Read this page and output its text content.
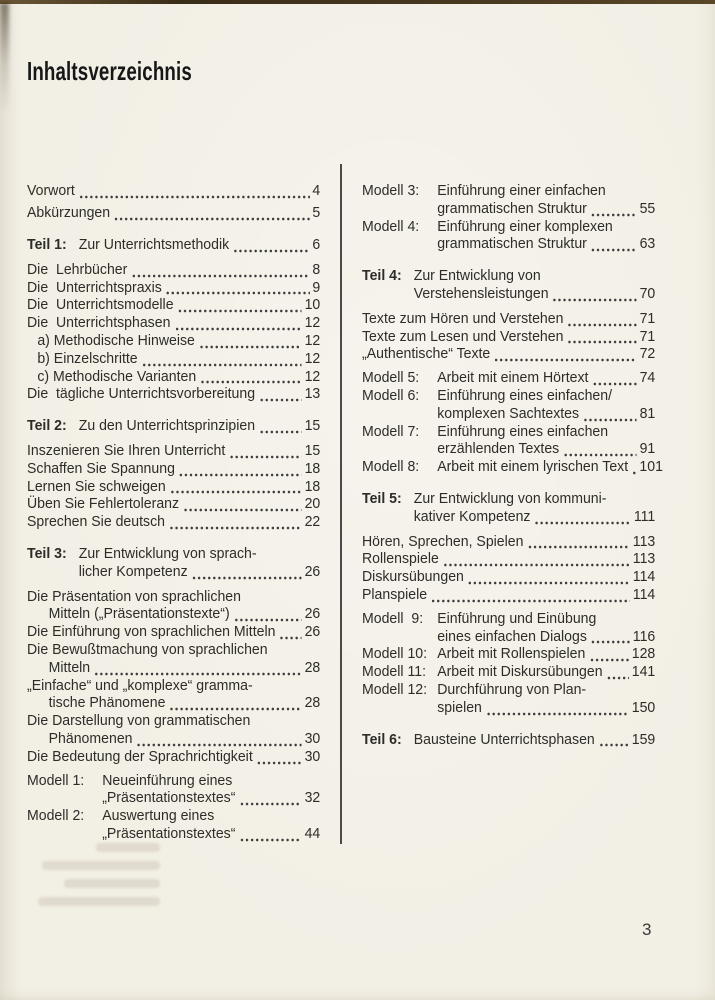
Inhaltsverzeichnis
Vorwort	4
Abkürzungen	5
Teil 1: Zur Unterrichtsmethodik	6
Die  Lehrbücher	8
Die  Unterrichtspraxis	9
Die  Unterrichtsmodelle	10
Die  Unterrichtsphasen	12
a) Methodische Hinweise	12
b) Einzelschritte	12
c) Methodische Varianten	12
Die  tägliche Unterrichtsvorbereitung	13
Teil 2: Zu den Unterrichtsprinzipien	15
Inszenieren Sie Ihren Unterricht	15
Schaffen Sie Spannung	18
Lernen Sie schweigen	18
Üben Sie Fehlertoleranz	20
Sprechen Sie deutsch	22
Teil 3: Zur Entwicklung von sprach-
licher Kompetenz	26
Die Präsentation von sprachlichen
Mitteln („Präsentationstexte“)	26
Die Einführung von sprachlichen Mitteln 26
Die Bewußtmachung von sprachlichen
Mitteln	28
„Einfache“ und „komplexe“ gramma-
tische Phänomene	28
Die Darstellung von grammatischen
Phänomenen	30
Die Bedeutung der Sprachrichtigkeit	30
Modell 1:	Neueinführung eines
„Präsentationstextes“	32
Modell 2:	Auswertung eines
„Präsentationstextes“	44
Modell 3:	Einführung einer einfachen
grammatischen Struktur	55
Modell 4:	Einführung einer komplexen
grammatischen Struktur	63
Teil 4: Zur Entwicklung von
Verstehensleistungen	70
Texte zum Hören und Verstehen	71
Texte zum Lesen und Verstehen	71
„Authentische“ Texte	72
Modell 5:	Arbeit mit einem Hörtext	74
Modell 6:	Einführung eines einfachen/
komplexen Sachtextes	81
Modell 7:	Einführung eines einfachen
erzählenden Textes	91
Modell 8:	Arbeit mit einem lyrischen Text 101
Teil 5: Zur Entwicklung von kommuni-
kativer Kompetenz	111
Hören, Sprechen, Spielen	113
Rollenspiele	113
Diskursübungen	114
Planspiele	114
Modell  9: Einführung und Einübung
eines einfachen Dialogs	116
Modell 10: Arbeit mit Rollenspielen	128
Modell 11: Arbeit mit Diskursübungen 141
Modell 12: Durchführung von Plan-
spielen	150
Teil 6: Bausteine Unterrichtsphasen 159
3
